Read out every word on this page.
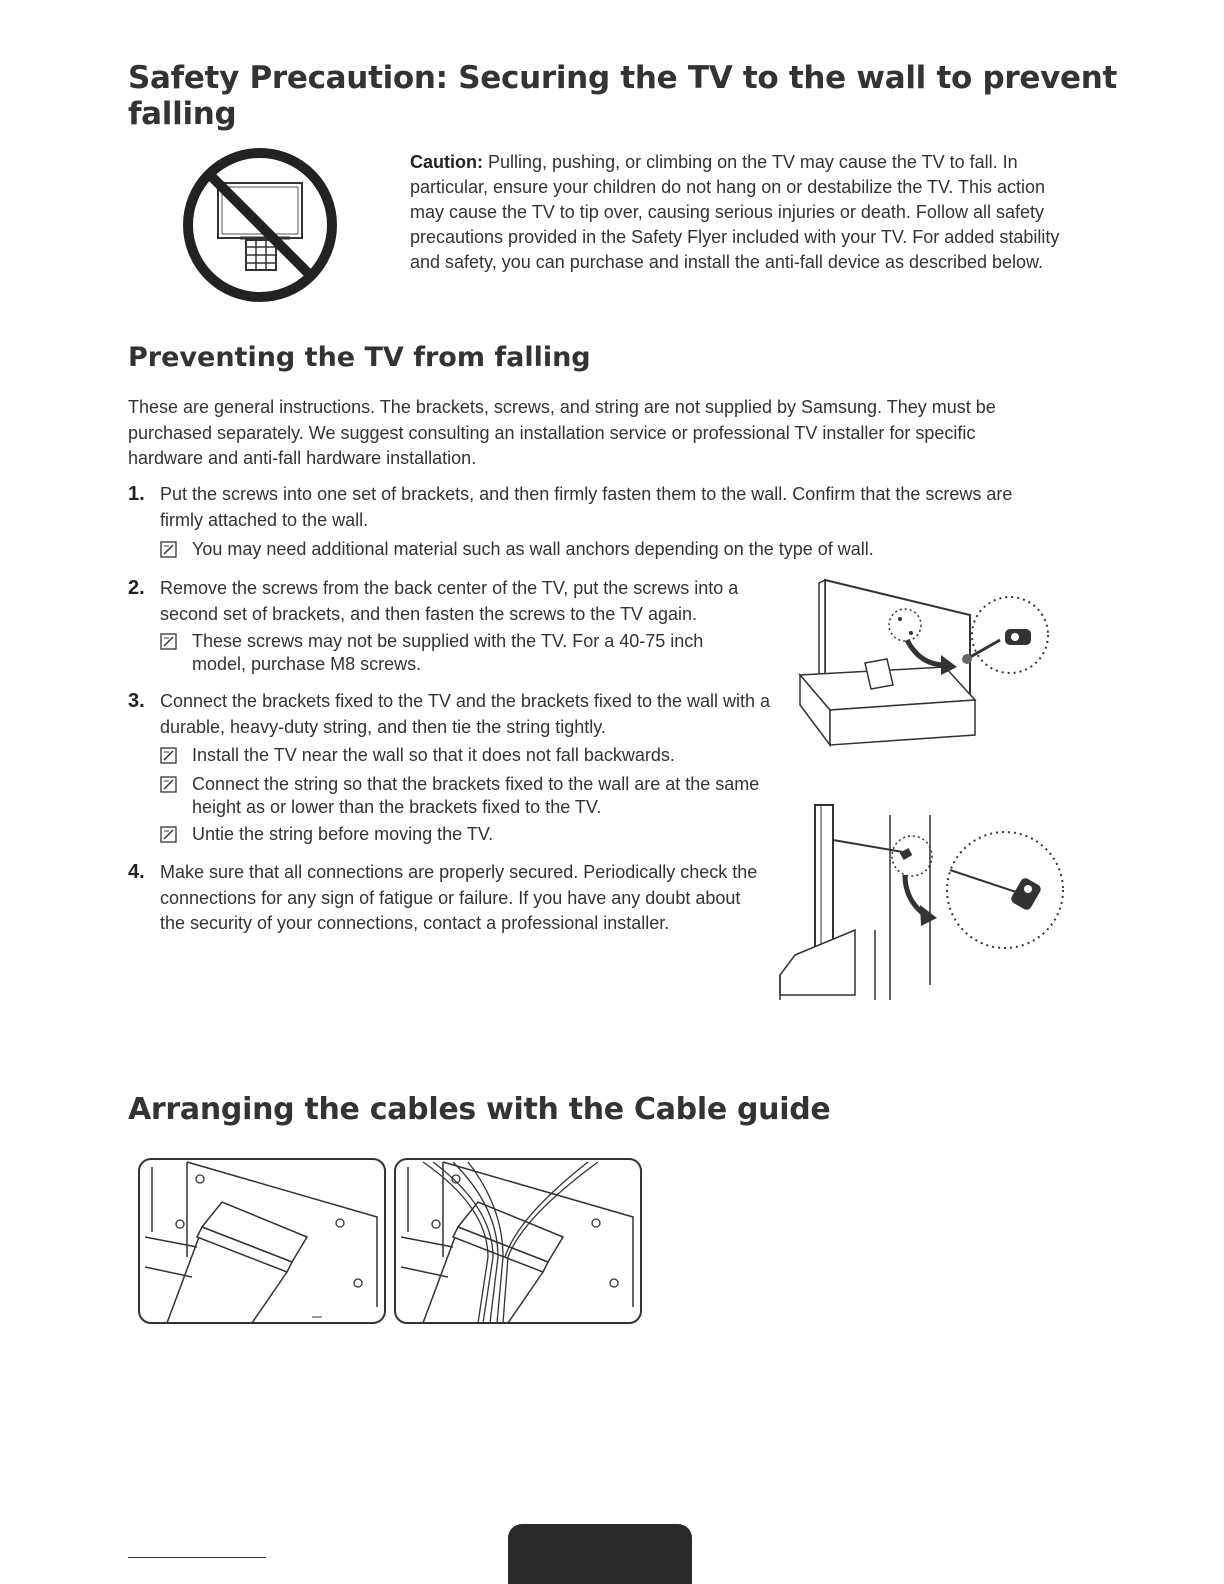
Safety Precaution: Securing the TV to the wall to prevent falling
Caution: Pulling, pushing, or climbing on the TV may cause the TV to fall. In particular, ensure your children do not hang on or destabilize the TV. This action may cause the TV to tip over, causing serious injuries or death. Follow all safety precautions provided in the Safety Flyer included with your TV. For added stability and safety, you can purchase and install the anti-fall device as described below.
Preventing the TV from falling
These are general instructions. The brackets, screws, and string are not supplied by Samsung. They must be purchased separately. We suggest consulting an installation service or professional TV installer for specific hardware and anti-fall hardware installation.
1. Put the screws into one set of brackets, and then firmly fasten them to the wall. Confirm that the screws are firmly attached to the wall.
You may need additional material such as wall anchors depending on the type of wall.
2. Remove the screws from the back center of the TV, put the screws into a second set of brackets, and then fasten the screws to the TV again.
These screws may not be supplied with the TV. For a 40-75 inch model, purchase M8 screws.
3. Connect the brackets fixed to the TV and the brackets fixed to the wall with a durable, heavy-duty string, and then tie the string tightly.
Install the TV near the wall so that it does not fall backwards.
Connect the string so that the brackets fixed to the wall are at the same height as or lower than the brackets fixed to the TV.
Untie the string before moving the TV.
4. Make sure that all connections are properly secured. Periodically check the connections for any sign of fatigue or failure. If you have any doubt about the security of your connections, contact a professional installer.
Arranging the cables with the Cable guide
